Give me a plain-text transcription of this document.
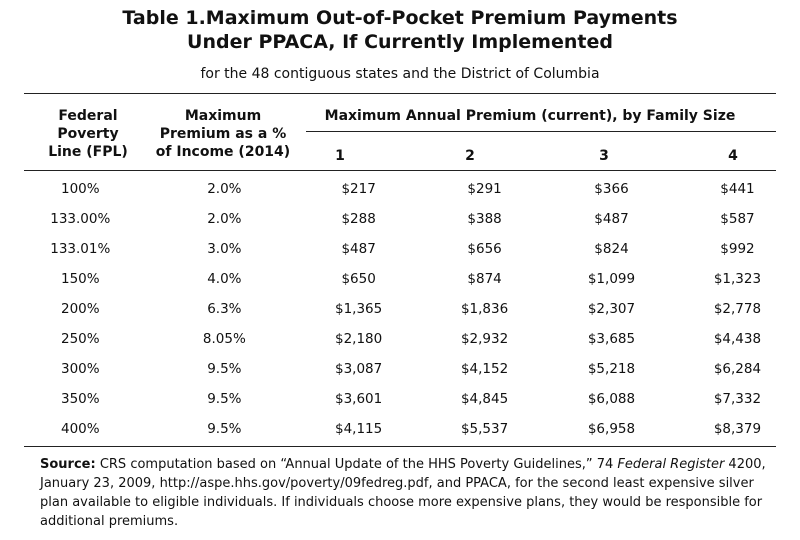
Table 1.Maximum Out-of-Pocket Premium Payments
Under PPACA, If Currently Implemented
for the 48 contiguous states and the District of Columbia
Federal
Poverty
Line (FPL)
Maximum
Premium as a %
of Income (2014)
Maximum Annual Premium (current), by Family Size
1	2	3	4
100%	2.0%	$217	$291	$366	$441
133.00%	2.0%	$288	$388	$487	$587
133.01%	3.0%	$487	$656	$824	$992
150%	4.0%	$650	$874	$1,099	$1,323
200%	6.3%	$1,365	$1,836	$2,307	$2,778
250%	8.05%	$2,180	$2,932	$3,685	$4,438
300%	9.5%	$3,087	$4,152	$5,218	$6,284
350%	9.5%	$3,601	$4,845	$6,088	$7,332
400%	9.5%	$4,115	$5,537	$6,958	$8,379
Source: CRS computation based on “Annual Update of the HHS Poverty Guidelines,” 74 Federal Register 4200, January 23, 2009, http://aspe.hhs.gov/poverty/09fedreg.pdf, and PPACA, for the second least expensive silver plan available to eligible individuals. If individuals choose more expensive plans, they would be responsible for additional premiums.
